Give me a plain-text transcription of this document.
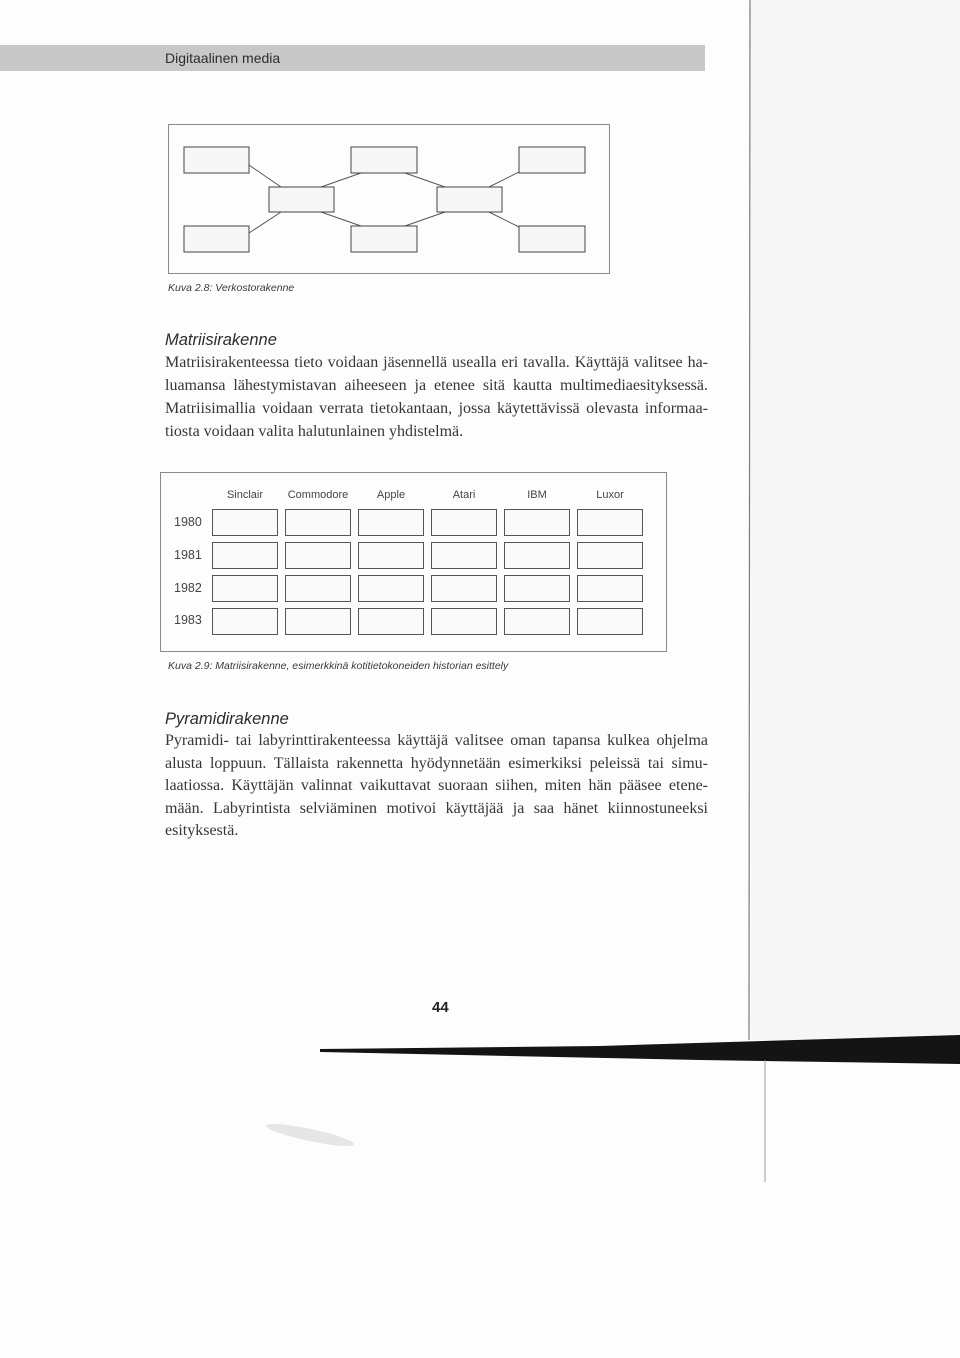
Digitaalinen media
Kuva 2.8: Verkostorakenne
Matriisirakenne
Matriisirakenteessa tieto voidaan jäsennellä usealla eri tavalla. Käyttäjä valitsee ha-
luamansa lähestymistavan aiheeseen ja etenee sitä kautta multimediaesityksessä.
Matriisimallia voidaan verrata tietokantaan, jossa käytettävissä olevasta informaa-
tiosta voidaan valita halutunlainen yhdistelmä.
Sinclair	Commodore	Apple	Atari	IBM	Luxor
1980
1981
1982
1983
Kuva 2.9: Matriisirakenne, esimerkkinä kotitietokoneiden historian esittely
Pyramidirakenne
Pyramidi- tai labyrinttirakenteessa käyttäjä valitsee oman tapansa kulkea ohjelma
alusta loppuun. Tällaista rakennetta hyödynnetään esimerkiksi peleissä tai simu-
laatiossa. Käyttäjän valinnat vaikuttavat suoraan siihen, miten hän pääsee etene-
mään. Labyrintista selviäminen motivoi käyttäjää ja saa hänet kiinnostuneeksi
esityksestä.
44
